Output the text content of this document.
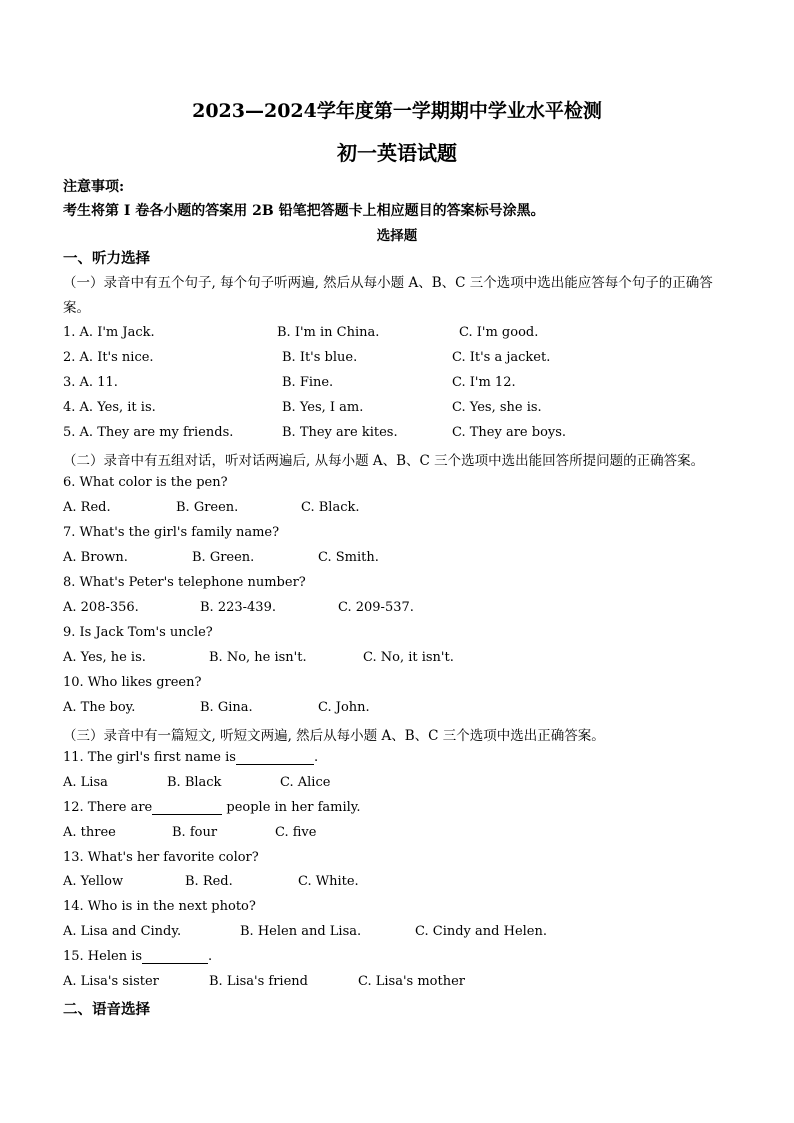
2023—2024学年度第一学期期中学业水平检测
初一英语试题
注意事项:
考生将第 I 卷各小题的答案用 2B 铅笔把答题卡上相应题目的答案标号涂黑。
选择题
一、听力选择
（一）录音中有五个句子, 每个句子听两遍, 然后从每小题 A、B、C 三个选项中选出能应答每个句子的正确答案。
1. A. I'm Jack.	B. I'm in China.	C. I'm good.
2. A. It's nice.	B. It's blue.	C. It's a jacket.
3. A. 11.	B. Fine.	C. I'm 12.
4. A. Yes, it is.	B. Yes, I am.	C. Yes, she is.
5. A. They are my friends.	B. They are kites.	C. They are boys.
（二）录音中有五组对话，听对话两遍后, 从每小题 A、B、C 三个选项中选出能回答所提问题的正确答案。
6. What color is the pen?
A. Red.	B. Green.	C. Black.
7. What's the girl's family name?
A. Brown.	B. Green.	C. Smith.
8. What's Peter's telephone number?
A. 208-356.	B. 223-439.	C. 209-537.
9. Is Jack Tom's uncle?
A. Yes, he is.	B. No, he isn't.	C. No, it isn't.
10. Who likes green?
A. The boy.	B. Gina.	C. John.
（三）录音中有一篇短文, 听短文两遍, 然后从每小题 A、B、C 三个选项中选出正确答案。
11. The girl's first name is	.
A. Lisa	B. Black	C. Alice
12. There are	people in her family.
A. three	B. four	C. five
13. What's her favorite color?
A. Yellow	B. Red.	C. White.
14. Who is in the next photo?
A. Lisa and Cindy.	B. Helen and Lisa.	C. Cindy and Helen.
15. Helen is	.
A. Lisa's sister	B. Lisa's friend	C. Lisa's mother
二、语音选择
